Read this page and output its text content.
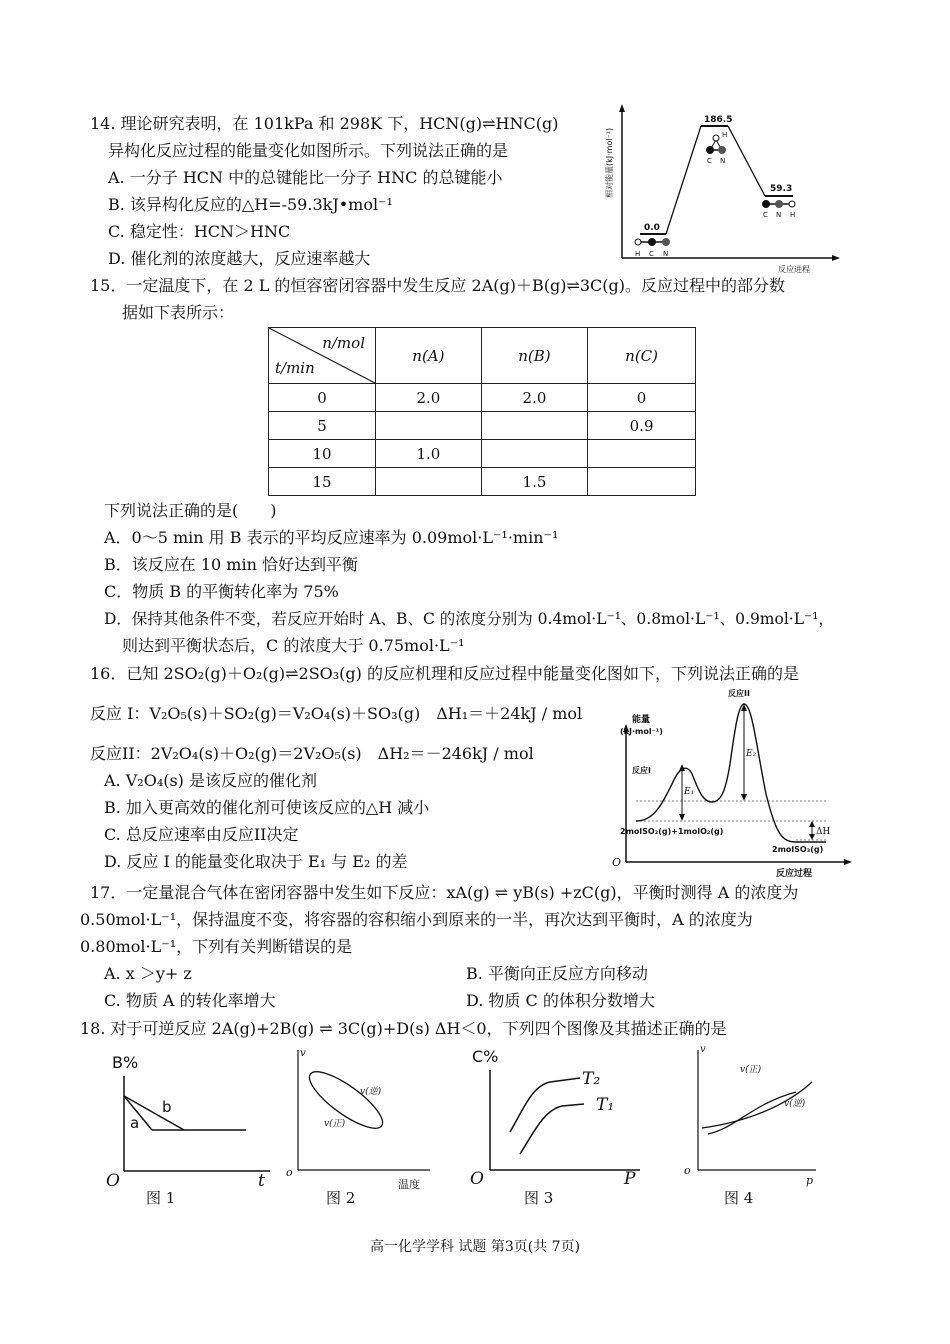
14. 理论研究表明，在 101kPa 和 298K 下，HCN(g)⇌HNC(g)
异构化反应过程的能量变化如图所示。下列说法正确的是
A. 一分子 HCN 中的总键能比一分子 HNC 的总键能小
B. 该异构化反应的△H=-59.3kJ•mol⁻¹
C. 稳定性：HCN＞HNC
D. 催化剂的浓度越大，反应速率越大
相对能量(kJ·mol⁻¹)
反应进程
186.5
59.3
0.0
H
C N
C N H
H C N
15．一定温度下，在 2 L 的恒容密闭容器中发生反应 2A(g)＋B(g)⇌3C(g)。反应过程中的部分数
据如下表所示：
n/mol
t/min	n(A)	n(B)	n(C)
0	2.0	2.0	0
5			0.9
10	1.0		
15		1.5	
下列说法正确的是(　　)
A．0～5 min 用 B 表示的平均反应速率为 0.09mol·L⁻¹·min⁻¹
B．该反应在 10 min 恰好达到平衡
C．物质 B 的平衡转化率为 75%
D．保持其他条件不变，若反应开始时 A、B、C 的浓度分别为 0.4mol·L⁻¹、0.8mol·L⁻¹、0.9mol·L⁻¹，
则达到平衡状态后，C 的浓度大于 0.75mol·L⁻¹
16．已知 2SO₂(g)＋O₂(g)⇌2SO₃(g) 的反应机理和反应过程中能量变化图如下，下列说法正确的是
反应 I：V₂O₅(s)＋SO₂(g)＝V₂O₄(s)＋SO₃(g)　ΔH₁＝＋24kJ / mol
反应II：2V₂O₄(s)＋O₂(g)＝2V₂O₅(s)　ΔH₂＝－246kJ / mol
A. V₂O₄(s) 是该反应的催化剂
B. 加入更高效的催化剂可使该反应的△H 减小
C. 总反应速率由反应II决定
D. 反应 I 的能量变化取决于 E₁ 与 E₂ 的差	O
能量
(kJ·mol⁻¹)
反应过程
E₁
E₂
ΔH
反应I
反应II
2molSO₂(g)+1molO₂(g)
2molSO₃(g)
17．一定量混合气体在密闭容器中发生如下反应：xA(g) ⇌ yB(s) +zC(g)，平衡时测得 A 的浓度为
0.50mol·L⁻¹，保持温度不变，将容器的容积缩小到原来的一半，再次达到平衡时，A 的浓度为
0.80mol·L⁻¹，下列有关判断错误的是
A. x ＞y+ z	B. 平衡向正反应方向移动
C. 物质 A 的转化率增大	D. 物质 C 的体积分数增大
18. 对于可逆反应 2A(g)+2B(g) ⇌ 3C(g)+D(s) ΔH＜0，下列四个图像及其描述正确的是
B%
a
b
O	t
图 1
v
v(逆)
v(正)
o
温度
图 2
C%
T₂
T₁
O	P
图 3
v
v(正)
v(逆)
o
p
图 4
高一化学学科 试题 第3页(共 7页)
